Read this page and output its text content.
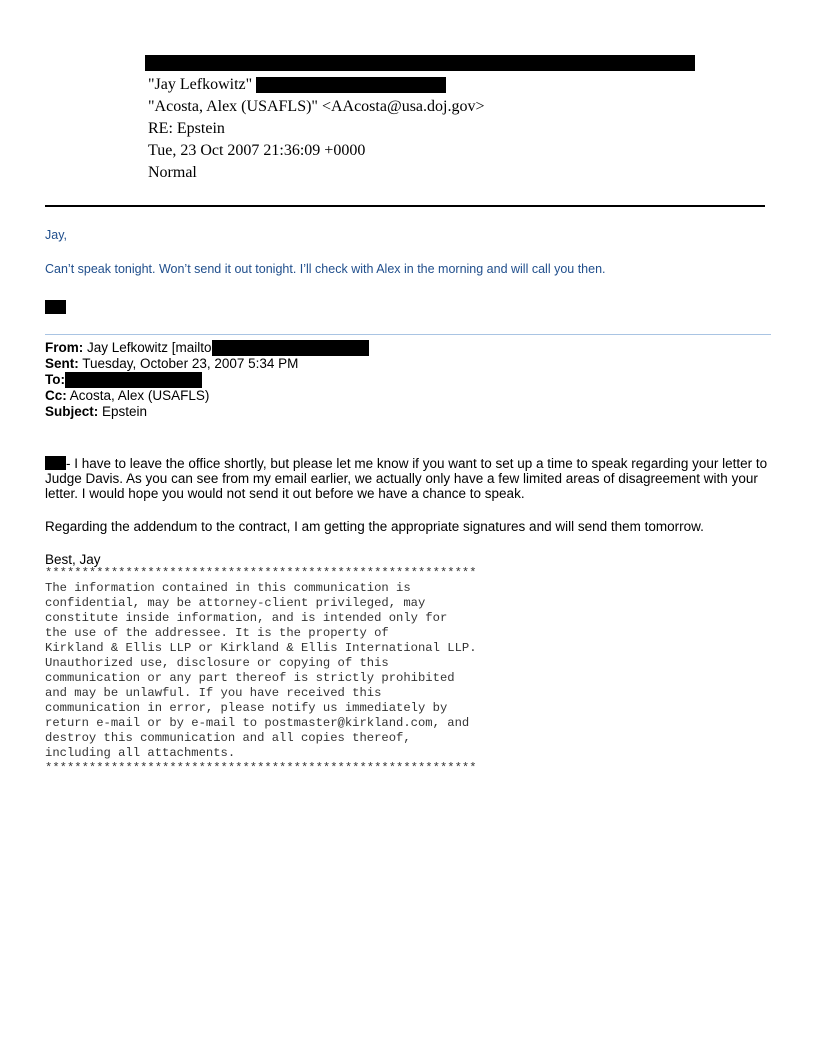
"Jay Lefkowitz"
"Acosta, Alex (USAFLS)" <AAcosta@usa.doj.gov>
RE: Epstein
Tue, 23 Oct 2007 21:36:09 +0000
Normal
Jay,
Can’t speak tonight. Won’t send it out tonight. I’ll check with Alex in the morning and will call you then.
From: Jay Lefkowitz [mailto
Sent: Tuesday, October 23, 2007 5:34 PM
To:
Cc: Acosta, Alex (USAFLS)
Subject: Epstein
- I have to leave the office shortly, but please let me know if you want to set up a time to speak regarding your letter to
Judge Davis. As you can see from my email earlier, we actually only have a few limited areas of disagreement with your
letter. I would hope you would not send it out before we have a chance to speak.
Regarding the addendum to the contract, I am getting the appropriate signatures and will send them tomorrow.
Best, Jay
***********************************************************
The information contained in this communication is
confidential, may be attorney-client privileged, may
constitute inside information, and is intended only for
the use of the addressee. It is the property of
Kirkland & Ellis LLP or Kirkland & Ellis International LLP.
Unauthorized use, disclosure or copying of this
communication or any part thereof is strictly prohibited
and may be unlawful. If you have received this
communication in error, please notify us immediately by
return e-mail or by e-mail to postmaster@kirkland.com, and
destroy this communication and all copies thereof,
including all attachments.
***********************************************************
